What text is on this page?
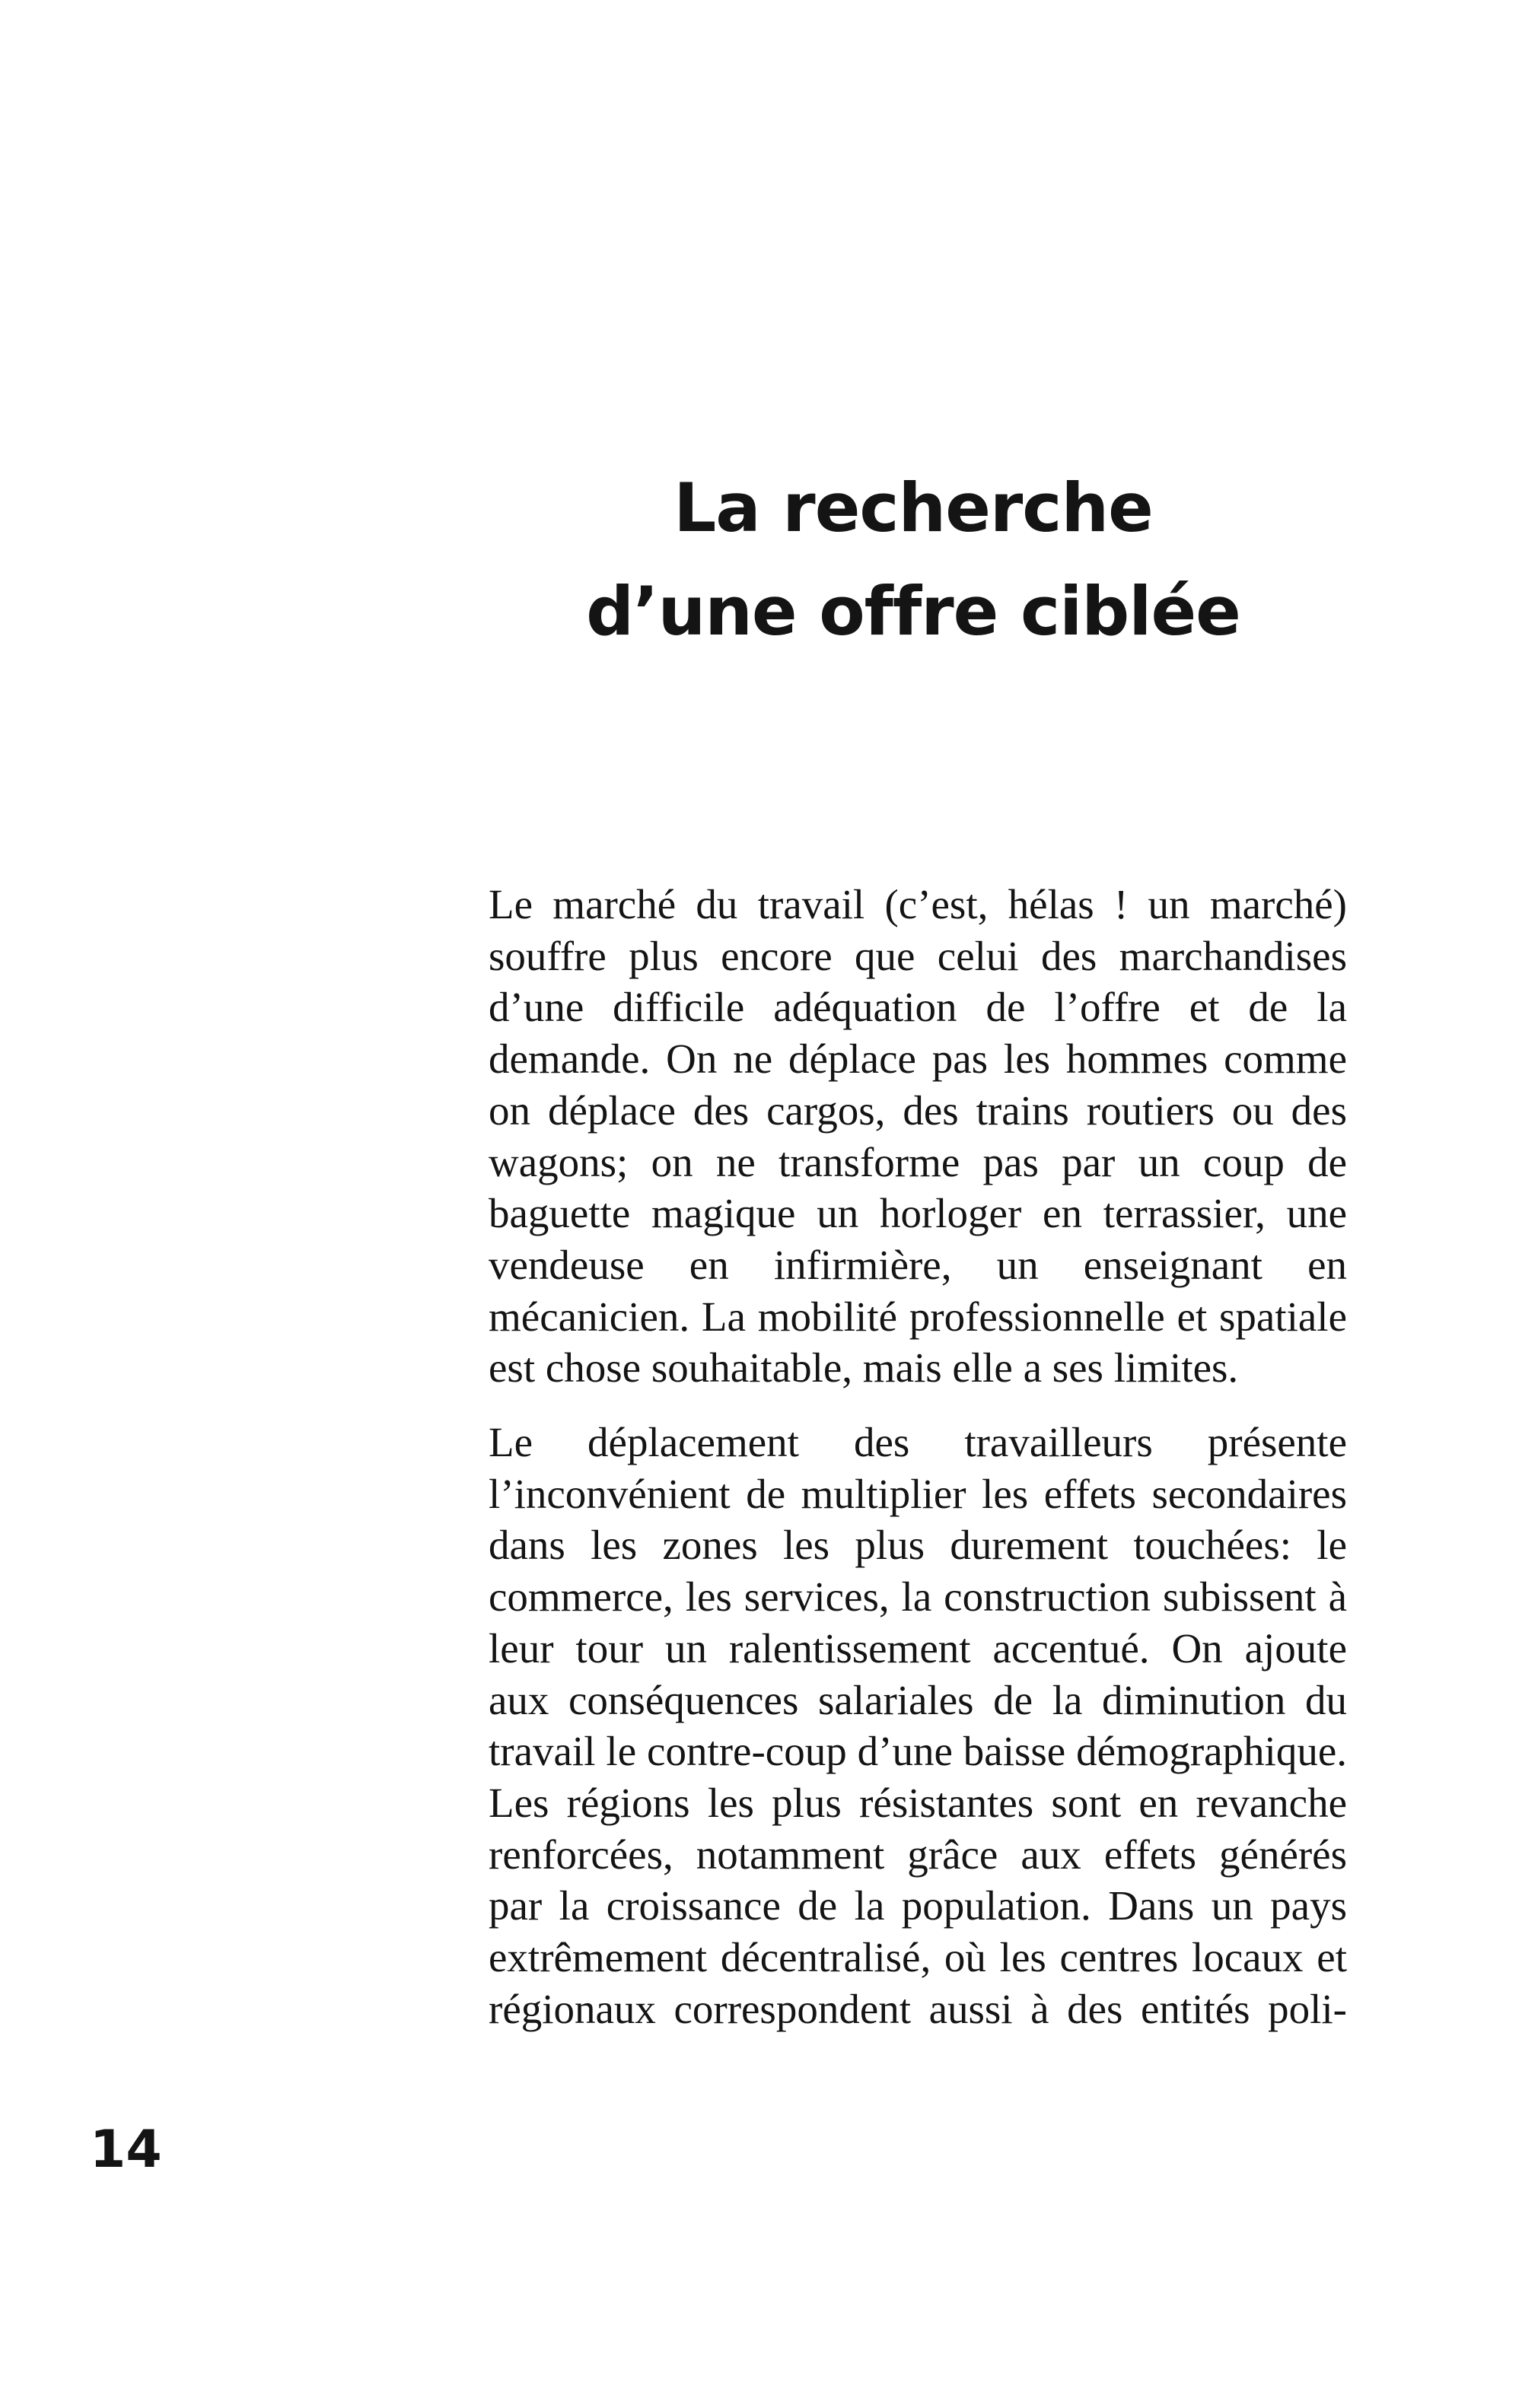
La recherche
d’une offre ciblée

Le marché du travail (c’est, hélas ! un marché) souffre plus encore que celui des marchandises d’une difficile adéquation de l’offre et de la demande. On ne déplace pas les hommes comme on déplace des cargos, des trains routiers ou des wagons; on ne transforme pas par un coup de baguette magique un horloger en terrassier, une vendeuse en infirmière, un enseignant en mécanicien. La mobilité professionnelle et spatiale est chose souhaitable, mais elle a ses limites.

Le déplacement des travailleurs présente l’inconvénient de multiplier les effets secondaires dans les zones les plus durement touchées: le commerce, les services, la construction subissent à leur tour un ralentissement accentué. On ajoute aux conséquences salariales de la diminution du travail le contre-coup d’une baisse démographique. Les régions les plus résistantes sont en revanche renforcées, notamment grâce aux effets générés par la croissance de la population. Dans un pays extrêmement décentralisé, où les centres locaux et régionaux correspondent aussi à des entités poli-

14
